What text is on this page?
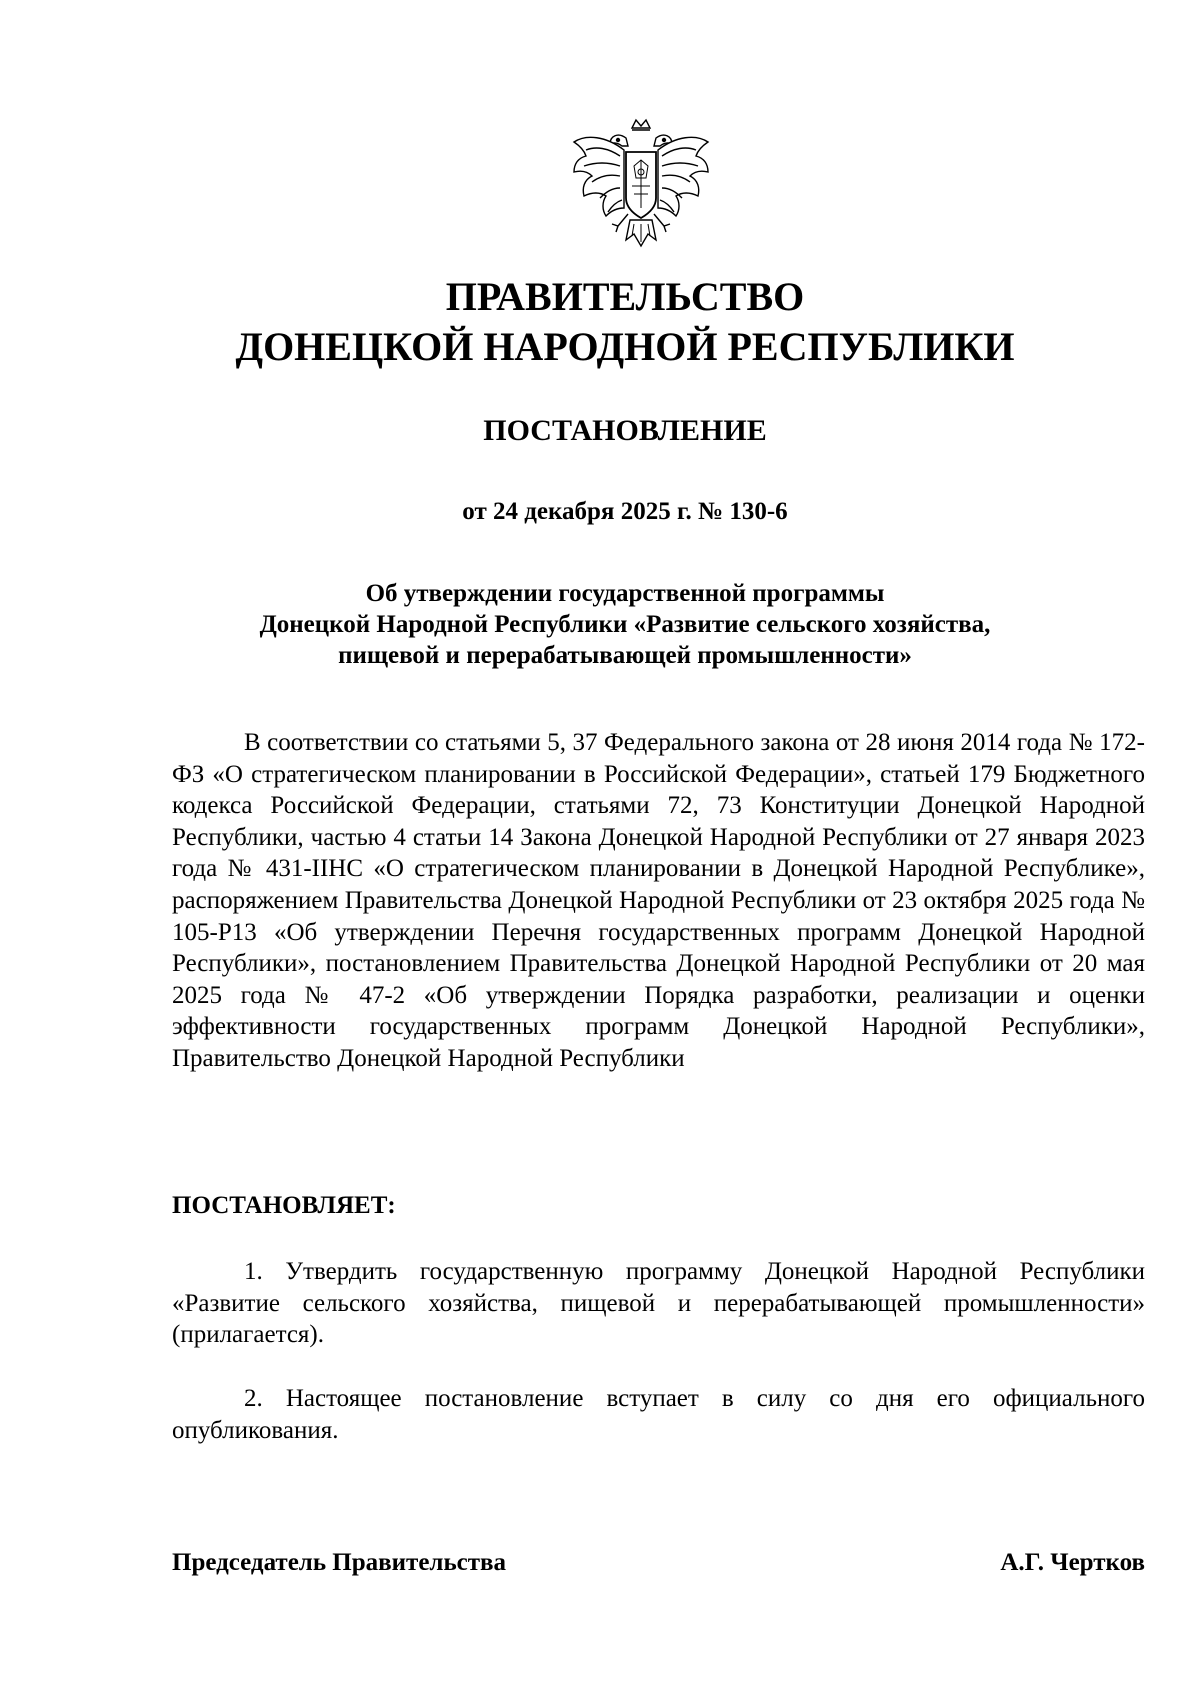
ПРАВИТЕЛЬСТВО
ДОНЕЦКОЙ НАРОДНОЙ РЕСПУБЛИКИ
ПОСТАНОВЛЕНИЕ

от 24 декабря 2025 г. № 130-6

Об утверждении государственной программы
Донецкой Народной Республики «Развитие сельского хозяйства,
пищевой и перерабатывающей промышленности»

В соответствии со статьями 5, 37 Федерального закона от 28 июня 2014 года № 172-ФЗ «О стратегическом планировании в Российской Федерации», статьей 179 Бюджетного кодекса Российской Федерации, статьями 72, 73 Конституции Донецкой Народной Республики, частью 4 статьи 14 Закона Донецкой Народной Республики от 27 января 2023 года № 431-IIНС «О стратегическом планировании в Донецкой Народной Республике», распоряжением Правительства Донецкой Народной Республики от 23 октября 2025 года № 105-Р13 «Об утверждении Перечня государственных программ Донецкой Народной Республики», постановлением Правительства Донецкой Народной Республики от 20 мая 2025 года № 47-2 «Об утверждении Порядка разработки, реализации и оценки эффективности государственных программ Донецкой Народной Республики», Правительство Донецкой Народной Республики

ПОСТАНОВЛЯЕТ:

1. Утвердить государственную программу Донецкой Народной Республики «Развитие сельского хозяйства, пищевой и перерабатывающей промышленности» (прилагается).

2. Настоящее постановление вступает в силу со дня его официального опубликования.

Председатель Правительства	А.Г. Чертков
